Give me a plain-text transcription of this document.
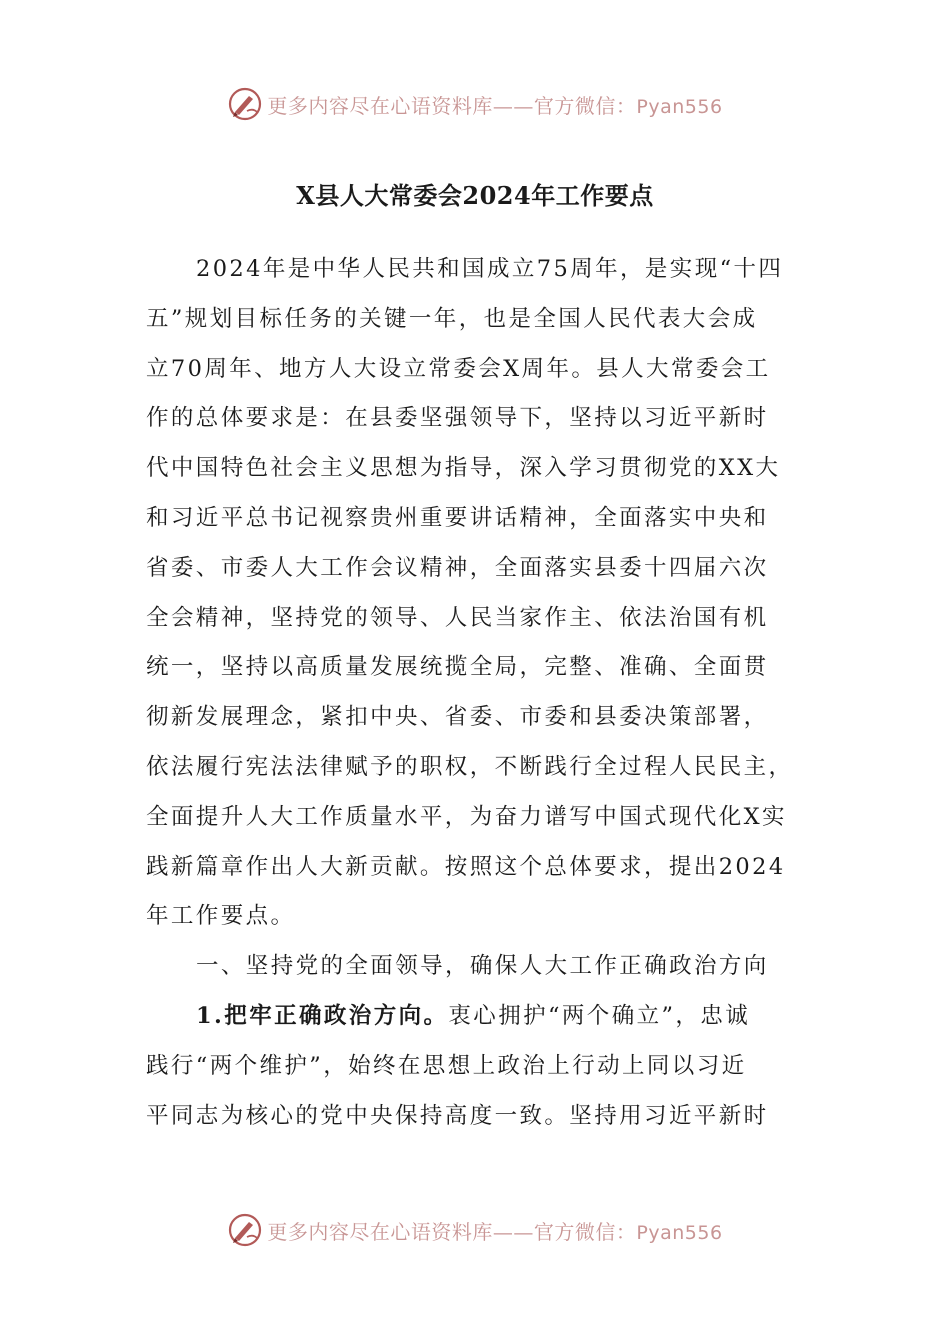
更多内容尽在心语资料库——官方微信：Pyan556
X县人大常委会2024年工作要点
2024年是中华人民共和国成立75周年，是实现“十四
五”规划目标任务的关键一年，也是全国人民代表大会成
立70周年、地方人大设立常委会X周年。县人大常委会工
作的总体要求是：在县委坚强领导下，坚持以习近平新时
代中国特色社会主义思想为指导，深入学习贯彻党的XX大
和习近平总书记视察贵州重要讲话精神，全面落实中央和
省委、市委人大工作会议精神，全面落实县委十四届六次
全会精神，坚持党的领导、人民当家作主、依法治国有机
统一，坚持以高质量发展统揽全局，完整、准确、全面贯
彻新发展理念，紧扣中央、省委、市委和县委决策部署，
依法履行宪法法律赋予的职权，不断践行全过程人民民主，
全面提升人大工作质量水平，为奋力谱写中国式现代化X实
践新篇章作出人大新贡献。按照这个总体要求，提出2024
年工作要点。
一、坚持党的全面领导，确保人大工作正确政治方向
1.把牢正确政治方向。衷心拥护“两个确立”，忠诚
践行“两个维护”，始终在思想上政治上行动上同以习近
平同志为核心的党中央保持高度一致。坚持用习近平新时
更多内容尽在心语资料库——官方微信：Pyan556
